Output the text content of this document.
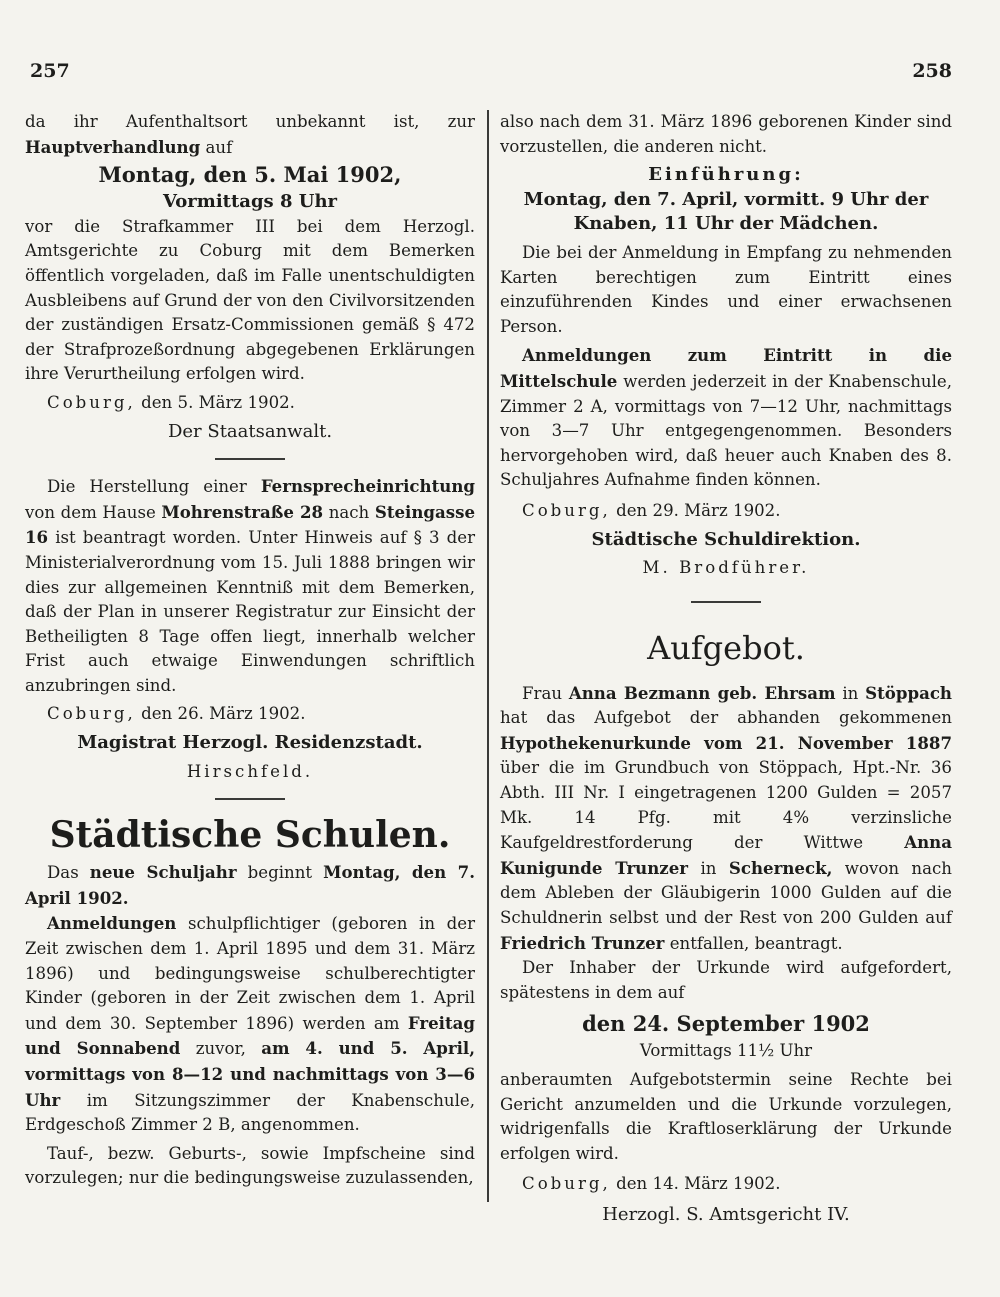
257	258

da ihr Aufenthaltsort unbekannt ist, zur Hauptverhandlung auf

Montag, den 5. Mai 1902,

Vormittags 8 Uhr

vor die Strafkammer III bei dem Herzogl. Amtsgerichte zu Coburg mit dem Bemerken öffentlich vorgeladen, daß im Falle unentschuldigten Ausbleibens auf Grund der von den Civilvorsitzenden der zuständigen Ersatz-Commissionen gemäß § 472 der Strafprozeßordnung abgegebenen Erklärungen ihre Verurtheilung erfolgen wird.

Coburg, den 5. März 1902.

Der Staatsanwalt.

Die Herstellung einer Fernsprecheinrichtung von dem Hause Mohrenstraße 28 nach Steingasse 16 ist beantragt worden. Unter Hinweis auf § 3 der Ministerialverordnung vom 15. Juli 1888 bringen wir dies zur allgemeinen Kenntniß mit dem Bemerken, daß der Plan in unserer Registratur zur Einsicht der Betheiligten 8 Tage offen liegt, innerhalb welcher Frist auch etwaige Einwendungen schriftlich anzubringen sind.

Coburg, den 26. März 1902.

Magistrat Herzogl. Residenzstadt.

Hirschfeld.

Städtische Schulen.

Das neue Schuljahr beginnt Montag, den 7. April 1902.

Anmeldungen schulpflichtiger (geboren in der Zeit zwischen dem 1. April 1895 und dem 31. März 1896) und bedingungsweise schulberechtigter Kinder (geboren in der Zeit zwischen dem 1. April und dem 30. September 1896) werden am Freitag und Sonnabend zuvor, am 4. und 5. April, vormittags von 8—12 und nachmittags von 3—6 Uhr im Sitzungszimmer der Knabenschule, Erdgeschoß Zimmer 2 B, angenommen.

Tauf-, bezw. Geburts-, sowie Impfscheine sind vorzulegen; nur die bedingungsweise zuzulassenden,

also nach dem 31. März 1896 geborenen Kinder sind vorzustellen, die anderen nicht.

Einführung:

Montag, den 7. April, vormitt. 9 Uhr der Knaben, 11 Uhr der Mädchen.

Die bei der Anmeldung in Empfang zu nehmenden Karten berechtigen zum Eintritt eines einzuführenden Kindes und einer erwachsenen Person.

Anmeldungen zum Eintritt in die Mittelschule werden jederzeit in der Knabenschule, Zimmer 2 A, vormittags von 7—12 Uhr, nachmittags von 3—7 Uhr entgegengenommen. Besonders hervorgehoben wird, daß heuer auch Knaben des 8. Schuljahres Aufnahme finden können.

Coburg, den 29. März 1902.

Städtische Schuldirektion.

M. Brodführer.

Aufgebot.

Frau Anna Bezmann geb. Ehrsam in Stöppach hat das Aufgebot der abhanden gekommenen Hypothekenurkunde vom 21. November 1887 über die im Grundbuch von Stöppach, Hpt.-Nr. 36 Abth. III Nr. I eingetragenen 1200 Gulden = 2057 Mk. 14 Pfg. mit 4% verzinsliche Kaufgeldrestforderung der Wittwe Anna Kunigunde Trunzer in Scherneck, wovon nach dem Ableben der Gläubigerin 1000 Gulden auf die Schuldnerin selbst und der Rest von 200 Gulden auf Friedrich Trunzer entfallen, beantragt.

Der Inhaber der Urkunde wird aufgefordert, spätestens in dem auf

den 24. September 1902

Vormittags 11½ Uhr

anberaumten Aufgebotstermin seine Rechte bei Gericht anzumelden und die Urkunde vorzulegen, widrigenfalls die Kraftloserklärung der Urkunde erfolgen wird.

Coburg, den 14. März 1902.

Herzogl. S. Amtsgericht IV.
